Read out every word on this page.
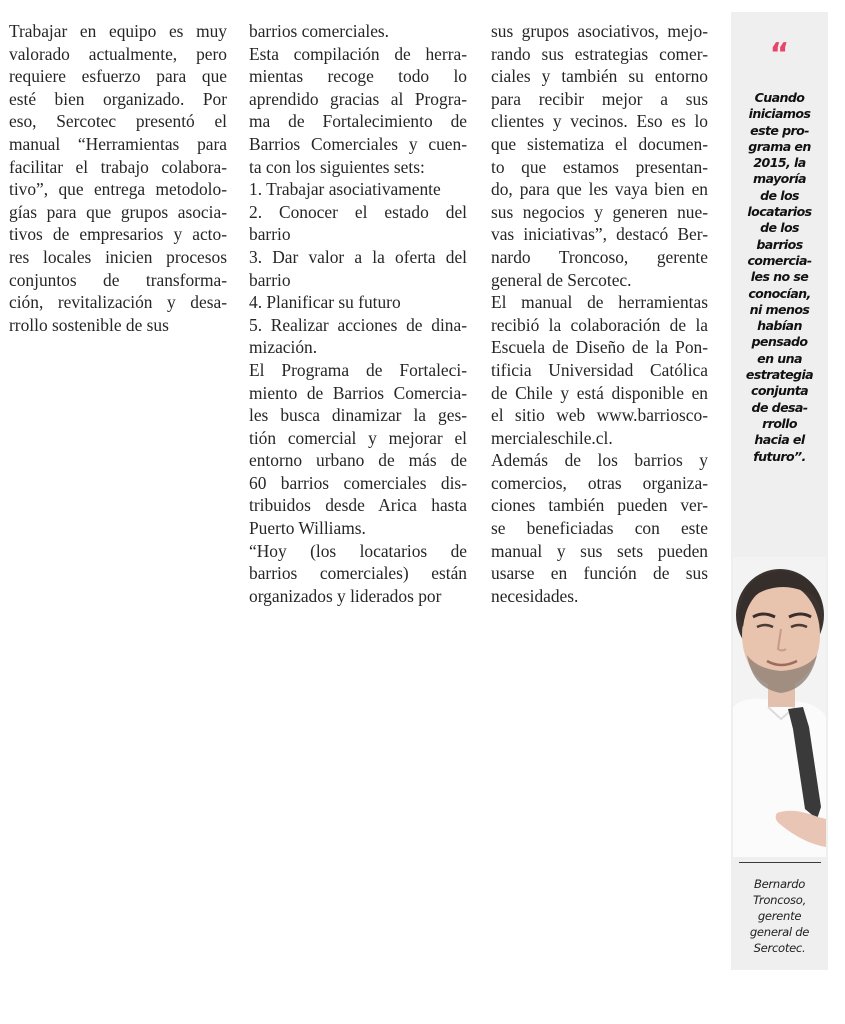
Trabajar en equipo es muy
valorado actualmente, pero
requiere esfuerzo para que
esté bien organizado. Por
eso, Sercotec presentó el
manual “Herramientas para
facilitar el trabajo colabora-
tivo”, que entrega metodolo-
gías para que grupos asocia-
tivos de empresarios y acto-
res locales inicien procesos
conjuntos de transforma-
ción, revitalización y desa-
rrollo sostenible de sus
barrios comerciales.
Esta compilación de herra-
mientas recoge todo lo
aprendido gracias al Progra-
ma de Fortalecimiento de
Barrios Comerciales y cuen-
ta con los siguientes sets:
1. Trabajar asociativamente
2. Conocer el estado del
barrio
3. Dar valor a la oferta del
barrio
4. Planificar su futuro
5. Realizar acciones de dina-
mización.
El Programa de Fortaleci-
miento de Barrios Comercia-
les busca dinamizar la ges-
tión comercial y mejorar el
entorno urbano de más de
60 barrios comerciales dis-
tribuidos desde Arica hasta
Puerto Williams.
“Hoy (los locatarios de
barrios comerciales) están
organizados y liderados por
sus grupos asociativos, mejo-
rando sus estrategias comer-
ciales y también su entorno
para recibir mejor a sus
clientes y vecinos. Eso es lo
que sistematiza el documen-
to que estamos presentan-
do, para que les vaya bien en
sus negocios y generen nue-
vas iniciativas”, destacó Ber-
nardo Troncoso, gerente
general de Sercotec.
El manual de herramientas
recibió la colaboración de la
Escuela de Diseño de la Pon-
tificia Universidad Católica
de Chile y está disponible en
el sitio web www.barriosco-
mercialeschile.cl.
Además de los barrios y
comercios, otras organiza-
ciones también pueden ver-
se beneficiadas con este
manual y sus sets pueden
usarse en función de sus
necesidades.
“
Cuando
iniciamos
este pro-
grama en
2015, la
mayoría
de los
locatarios
de los
barrios
comercia-
les no se
conocían,
ni menos
habían
pensado
en una
estrategia
conjunta
de desa-
rrollo
hacia el
futuro”.
Bernardo
Troncoso,
gerente
general de
Sercotec.
